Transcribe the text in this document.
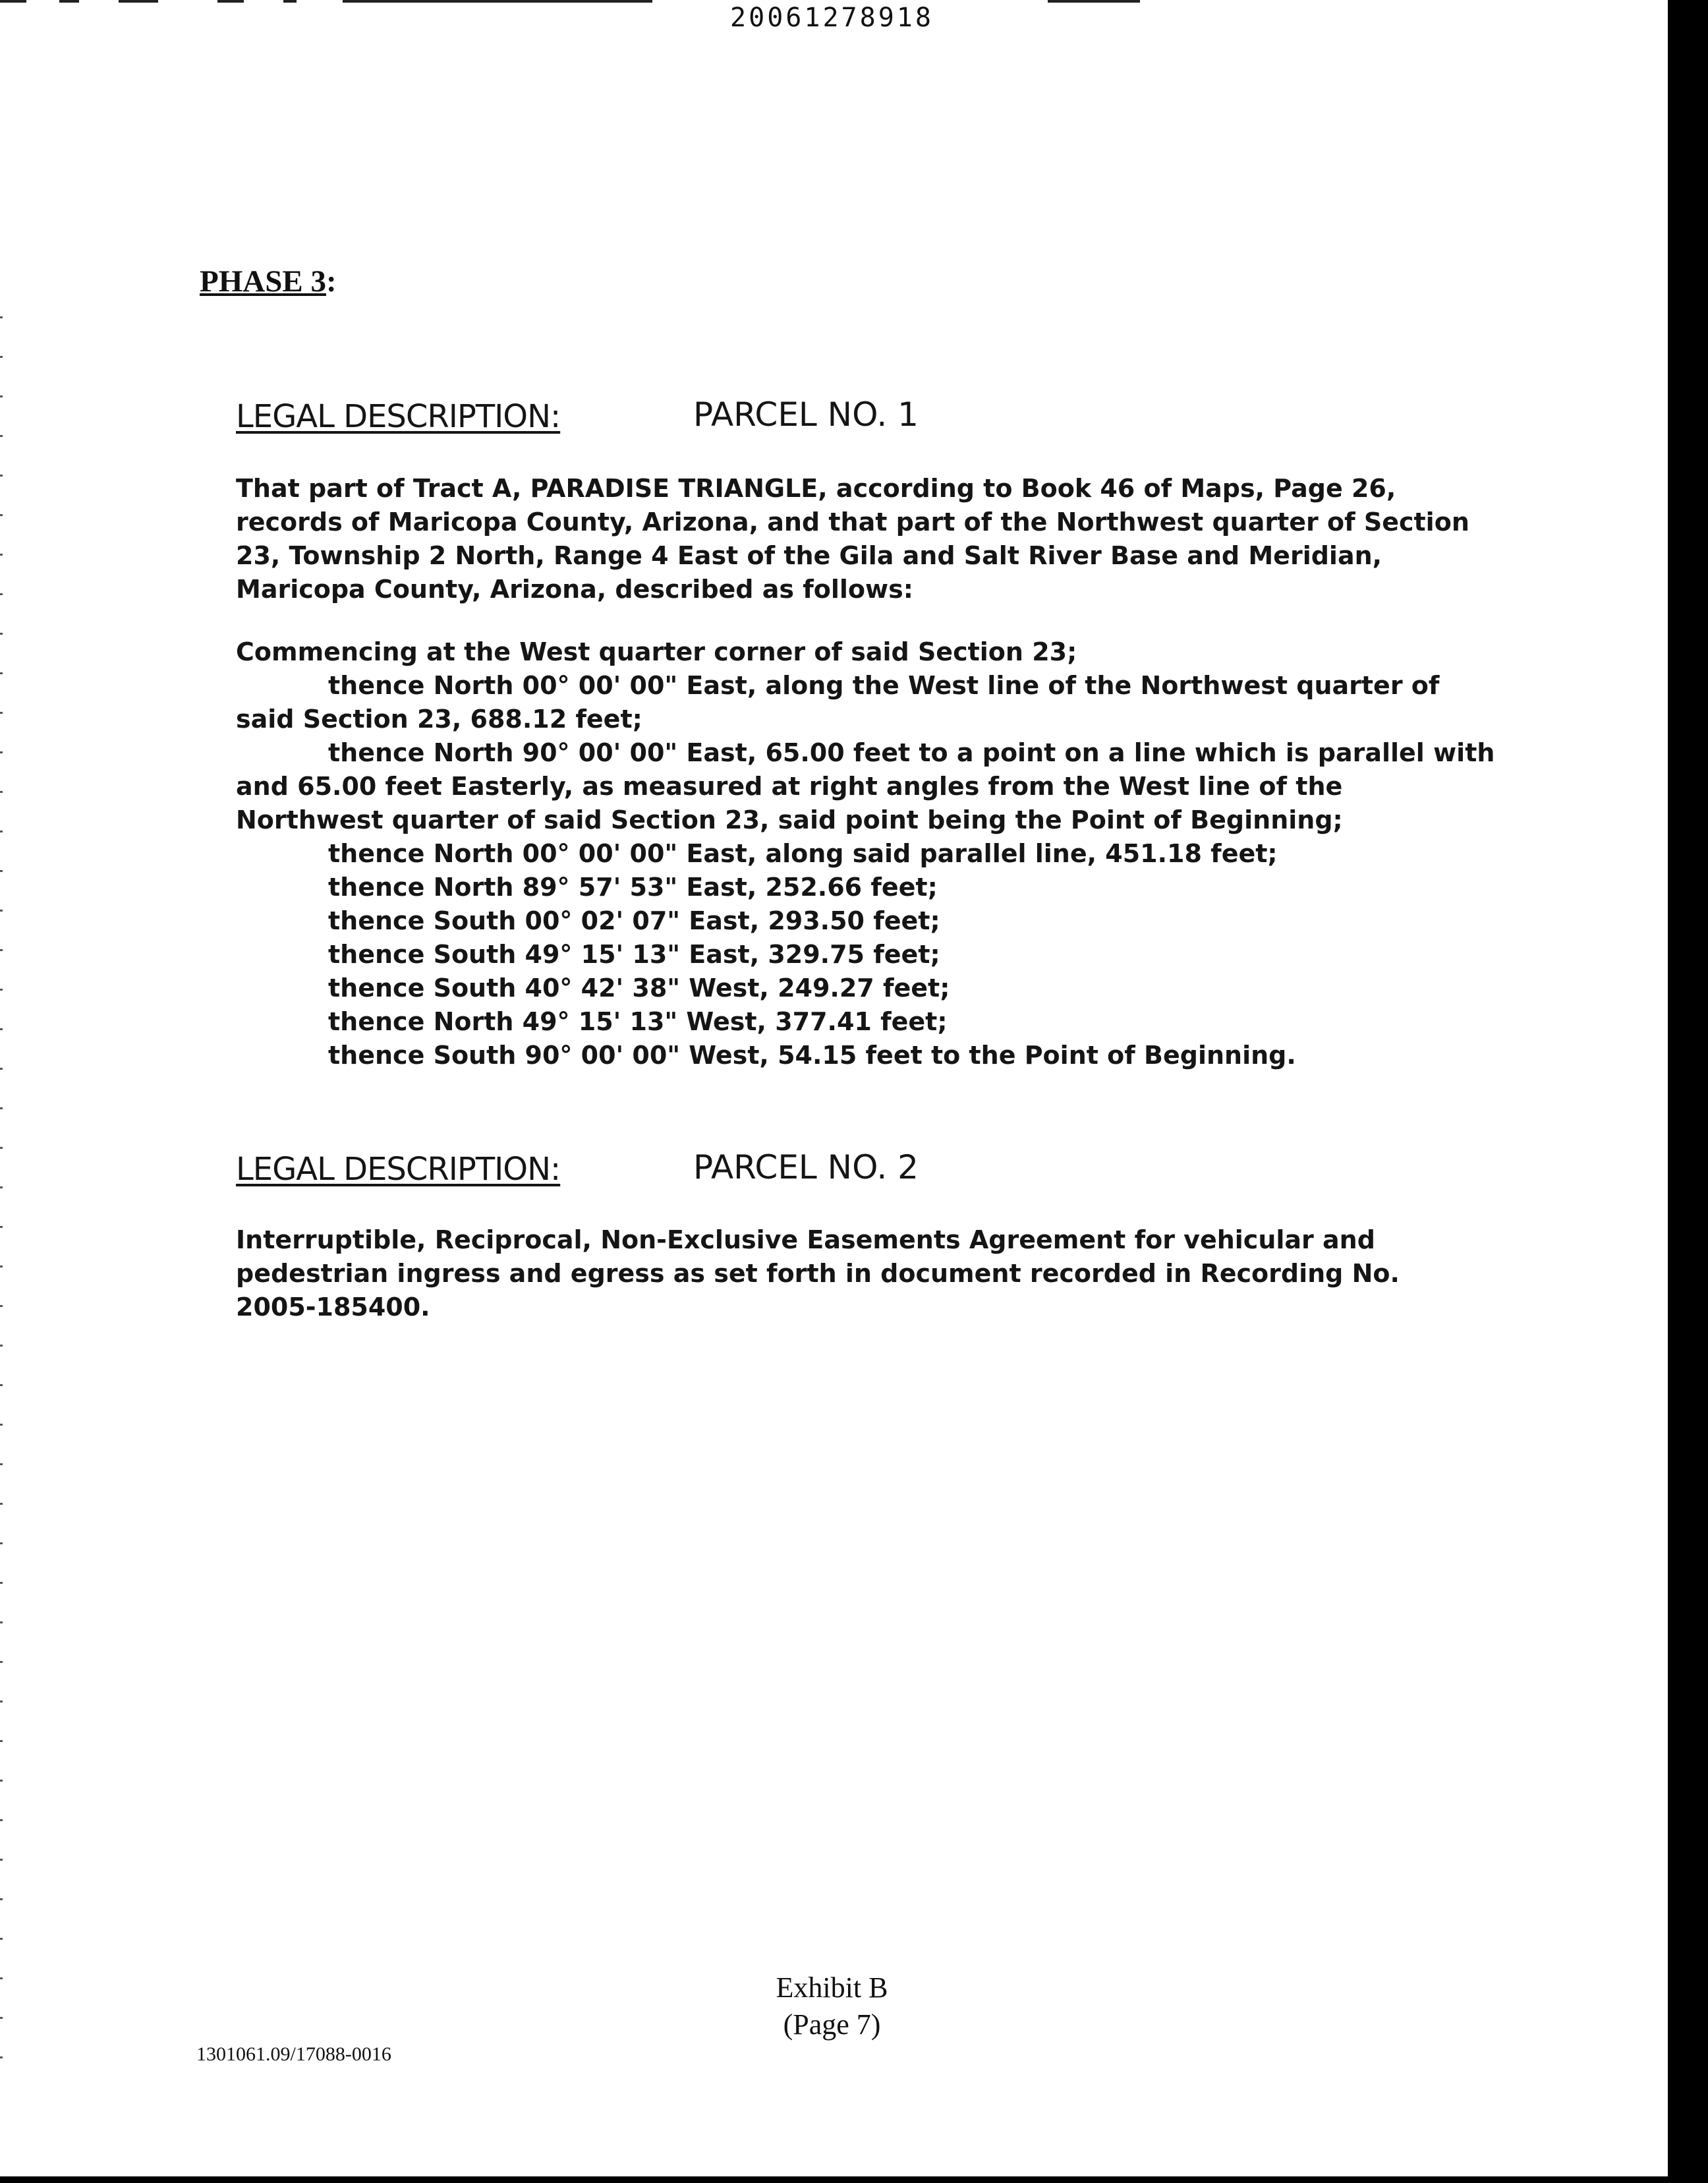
20061278918
PHASE 3:
LEGAL DESCRIPTION:	PARCEL NO. 1
That part of Tract A, PARADISE TRIANGLE, according to Book 46 of Maps, Page 26,
records of Maricopa County, Arizona, and that part of the Northwest quarter of Section
23, Township 2 North, Range 4 East of the Gila and Salt River Base and Meridian,
Maricopa County, Arizona, described as follows:
Commencing at the West quarter corner of said Section 23;
thence North 00° 00' 00" East, along the West line of the Northwest quarter of
said Section 23, 688.12 feet;
thence North 90° 00' 00" East, 65.00 feet to a point on a line which is parallel with
and 65.00 feet Easterly, as measured at right angles from the West line of the
Northwest quarter of said Section 23, said point being the Point of Beginning;
thence North 00° 00' 00" East, along said parallel line, 451.18 feet;
thence North 89° 57' 53" East, 252.66 feet;
thence South 00° 02' 07" East, 293.50 feet;
thence South 49° 15' 13" East, 329.75 feet;
thence South 40° 42' 38" West, 249.27 feet;
thence North 49° 15' 13" West, 377.41 feet;
thence South 90° 00' 00" West, 54.15 feet to the Point of Beginning.
LEGAL DESCRIPTION:	PARCEL NO. 2
Interruptible, Reciprocal, Non-Exclusive Easements Agreement for vehicular and
pedestrian ingress and egress as set forth in document recorded in Recording No.
2005-185400.
Exhibit B
(Page 7)
1301061.09/17088-0016
